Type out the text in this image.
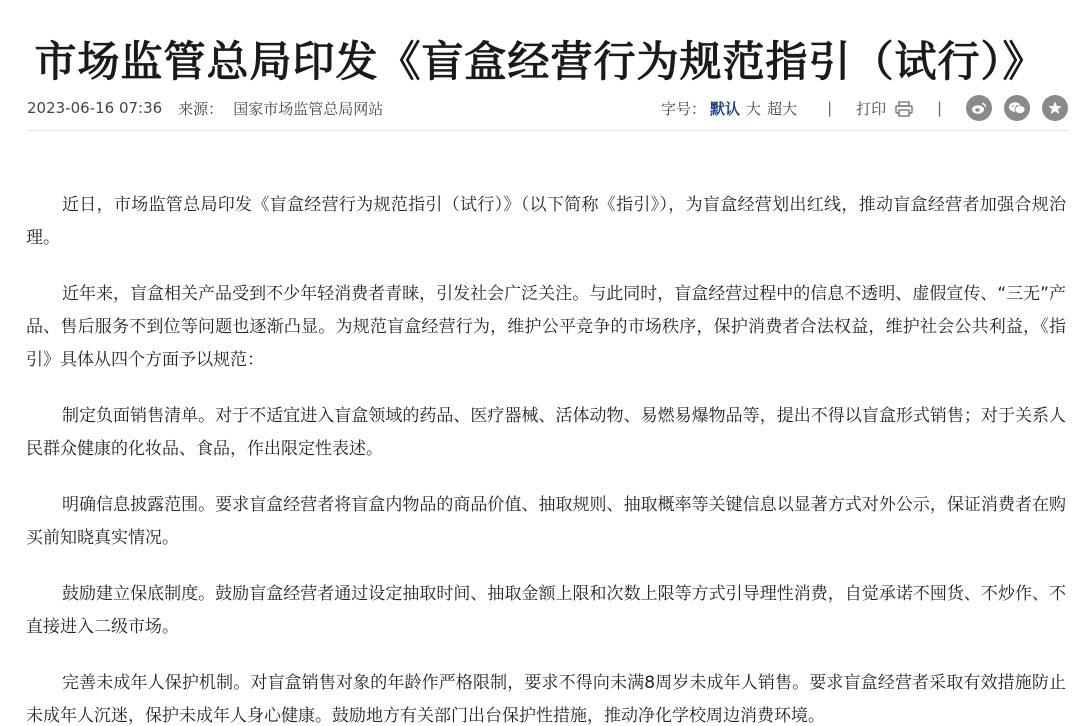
市场监管总局印发《盲盒经营行为规范指引（试行）》
2023-06-16 07:36 来源： 国家市场监管总局网站	字号： 默认 大 超大 | 打印	|

近日，市场监管总局印发《盲盒经营行为规范指引（试行）》（以下简称《指引》），为盲盒经营划出红线，推动盲盒经营者加强合规治理。

近年来，盲盒相关产品受到不少年轻消费者青睐，引发社会广泛关注。与此同时，盲盒经营过程中的信息不透明、虚假宣传、“三无”产品、售后服务不到位等问题也逐渐凸显。为规范盲盒经营行为，维护公平竞争的市场秩序，保护消费者合法权益，维护社会公共利益，《指引》具体从四个方面予以规范：

制定负面销售清单。对于不适宜进入盲盒领域的药品、医疗器械、活体动物、易燃易爆物品等，提出不得以盲盒形式销售；对于关系人民群众健康的化妆品、食品，作出限定性表述。

明确信息披露范围。要求盲盒经营者将盲盒内物品的商品价值、抽取规则、抽取概率等关键信息以显著方式对外公示，保证消费者在购买前知晓真实情况。

鼓励建立保底制度。鼓励盲盒经营者通过设定抽取时间、抽取金额上限和次数上限等方式引导理性消费，自觉承诺不囤货、不炒作、不直接进入二级市场。

完善未成年人保护机制。对盲盒销售对象的年龄作严格限制，要求不得向未满8周岁未成年人销售。要求盲盒经营者采取有效措施防止未成年人沉迷，保护未成年人身心健康。鼓励地方有关部门出台保护性措施，推动净化学校周边消费环境。
